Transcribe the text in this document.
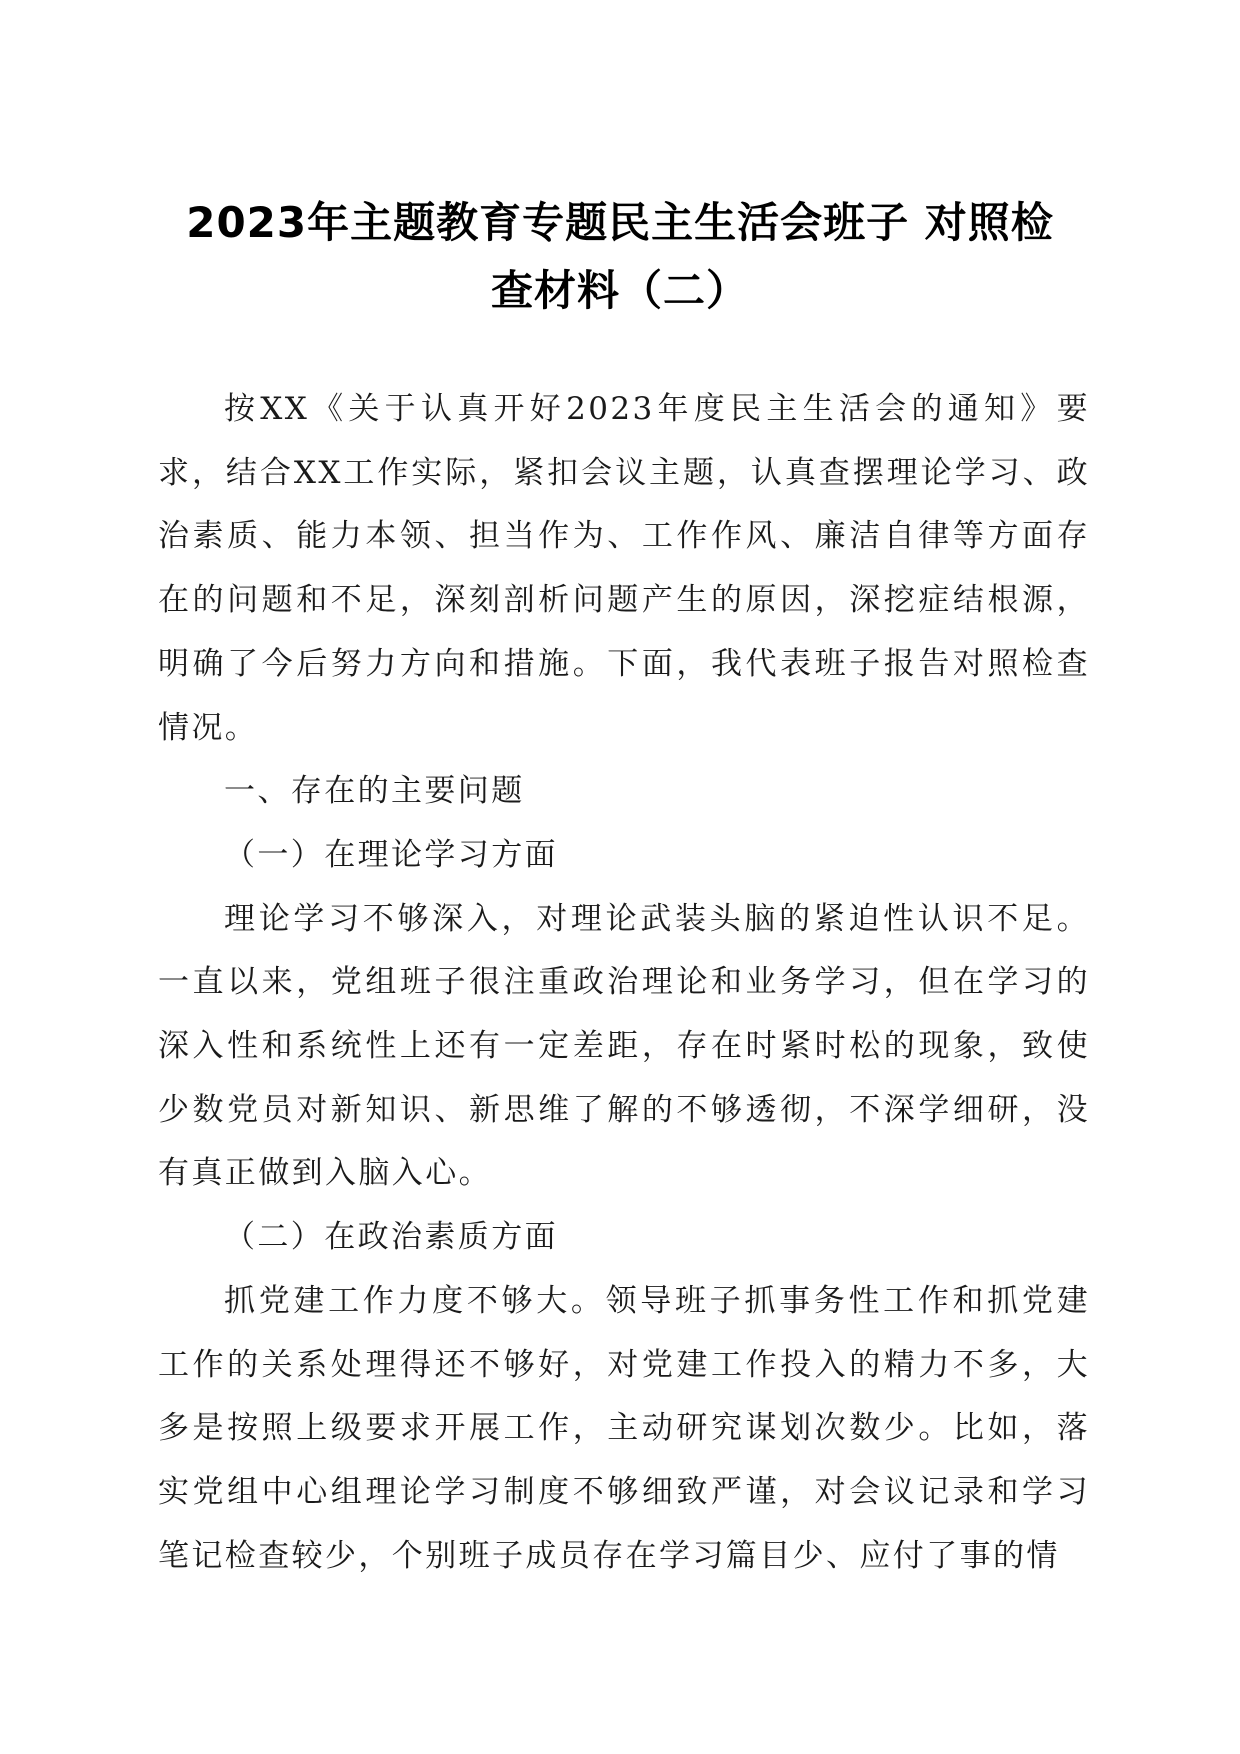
2023年主题教育专题民主生活会班子 对照检
查材料（二）

按XX《关于认真开好2023年度民主生活会的通知》要求，结合XX工作实际，紧扣会议主题，认真查摆理论学习、政治素质、能力本领、担当作为、工作作风、廉洁自律等方面存在的问题和不足，深刻剖析问题产生的原因，深挖症结根源，明确了今后努力方向和措施。下面，我代表班子报告对照检查情况。

一、存在的主要问题

（一）在理论学习方面

理论学习不够深入，对理论武装头脑的紧迫性认识不足。一直以来，党组班子很注重政治理论和业务学习，但在学习的深入性和系统性上还有一定差距，存在时紧时松的现象，致使少数党员对新知识、新思维了解的不够透彻，不深学细研，没有真正做到入脑入心。

（二）在政治素质方面

抓党建工作力度不够大。领导班子抓事务性工作和抓党建工作的关系处理得还不够好，对党建工作投入的精力不多，大多是按照上级要求开展工作，主动研究谋划次数少。比如，落实党组中心组理论学习制度不够细致严谨，对会议记录和学习笔记检查较少，个别班子成员存在学习篇目少、应付了事的情
